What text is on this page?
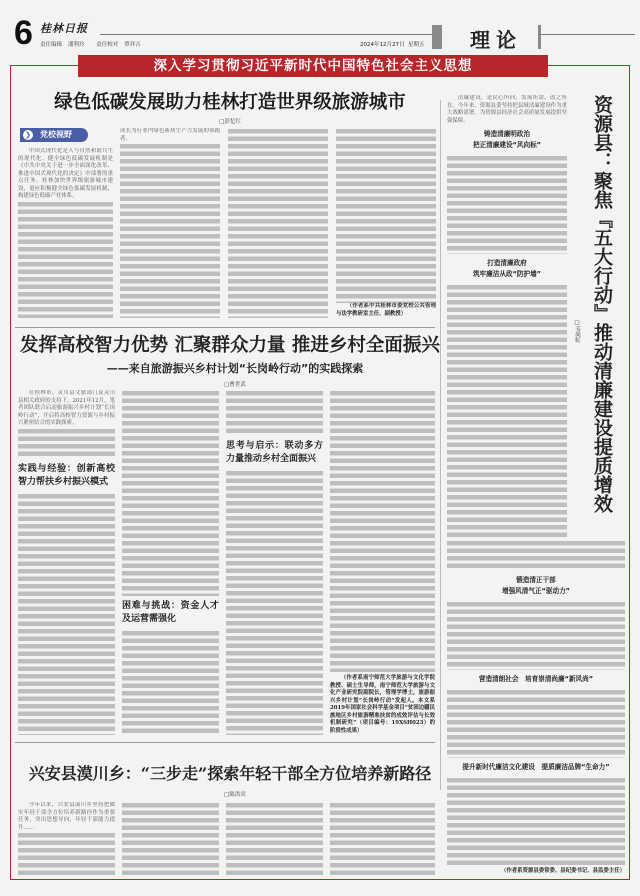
6 桂林日报
责任编辑 潘利玲 责任校对 覃祥吉	2024年12月27日 星期五 理论
深入学习贯彻习近平新时代中国特色社会主义思想
绿色低碳发展助力桂林打造世界级旅游城市
□彭忆红
❯ 党校视野

中国式现代化是人与自然和谐共生的现代化。健全绿色低碳发展机制是《中共中央关于进一步全面深化改革、推进中国式现代化的决定》中部署的重点任务。桂林加快世界级旅游城市建设，更应积极健全绿色低碳发展机制，构建绿色低碳产业体系。

成长为行业内绿色新质生产力发展的领跑者。
（作者系中共桂林市委党校公共管理与法学教研室主任、副教授）
发挥高校智力优势 汇聚群众力量 推进乡村全面振兴
——来自旅游振兴乡村计划“长岗岭行动”的实践探索
□曹世武

在桂林市、灵川县文旅部门及灵川县相关政府的支持下，2021年12月，笔者团队联合启动旅游振兴乡村计划“长岗岭行动”，开启将高校智力资源与乡村振兴紧密结合的实践探索。

实践与经验：创新高校智力帮扶乡村振兴模式
困难与挑战：资金人才及运营需强化
思考与启示：联动多方力量推动乡村全面振兴
（作者系南宁师范大学旅游与文化学院教授、硕士生导师，南宁师范大学旅游与文化产业研究院副院长，管理学博士，旅游振兴乡村计划“长岗岭行动”发起人。本文系2019年国家社会科学基金项目“贫困边疆民族地区乡村旅游精准扶贫的成效评估与长效机制研究”（项目编号：19XSH023）的阶段性成果）
兴安县漠川乡：“三步走”探索年轻干部全方位培养新路径
□陈洪宾

今年以来，兴安县漠川乡坚持把做实年轻干部全方位培养新路径作为重要任务，突出思想导向，年轻干部能力提升……

资源县：聚焦『五大行动』推动清廉建设提质增效
□韦尚虹

清廉建设，是民心所向、发展所需、改之所在。今年来，资源县委坚持把县域清廉建设作为重大战略部署，为资源县经济社会高质量发展提供坚强保障。

铸造清廉明政治
把正清廉建设“风向标”
打造清廉政府
筑牢廉洁从政“防护墙”
锻造清正干部
增强风清气正“驱动力”
营造清朗社会　培育崇清尚廉“新风尚”
提升新时代廉洁文化建设　提质廉洁品牌“生命力”
（作者系资源县委常委、县纪委书记、县监委主任）
